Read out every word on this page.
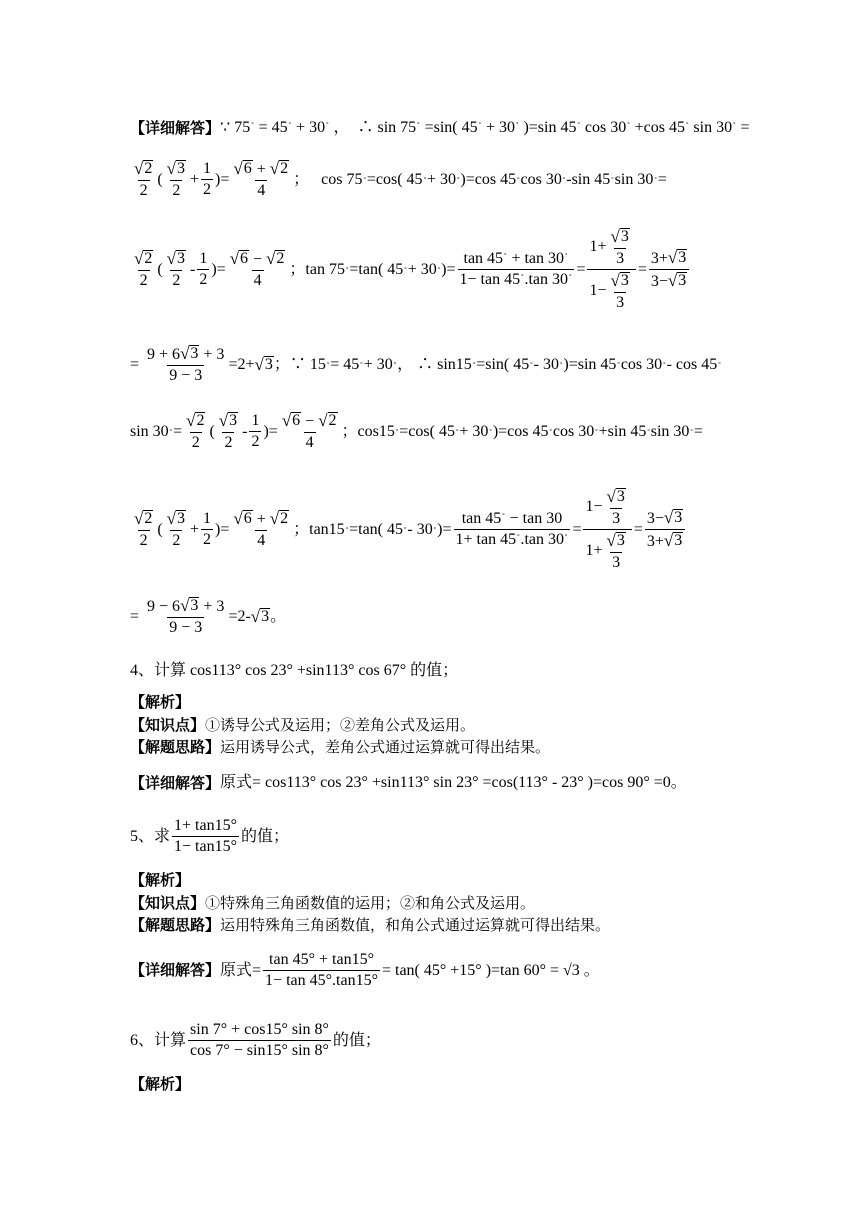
【详细解答】 ∵ 75° = 45° + 30° ，  ∴ sin 75° =sin( 45° + 30° )=sin 45° cos 30° +cos 45° sin 30° =
$\frac{√ 2}{2}$ ( $\frac{√ 3}{2} + \frac{1}{2}$ )= $\frac{√ 6 + √ 2}{4}$ ；   cos 75 ° =cos( 45 ° + 30 ° )=cos 45 ° cos 30 ° -sin 45 ° sin 30 ° =
$\frac{√ 2}{2}$ ( $\frac{√ 3}{2} - \frac{1}{2}$ )= $\frac{√ 6 - √ 2}{4}$ ；tan 75 ° =tan( 45 ° + 30 ° )= $\frac{\tan 45^\circ + \tan 30^\circ}{1- \tan 45^\circ.\tan 30^\circ} = \frac{1+ \frac{√ 3}{3}}{1- \frac{√ 3}{3}} = \frac{3+ √ 3}{3- √ 3}$
= $\frac{9 + 6 √ 3 + 3}{9 - 3} =2+$ √ 3 ；∵ 15 ° = 45 ° + 30 ° ， ∴ sin15 ° =sin( 45 ° - 30 ° )=sin 45 ° cos 30 ° - cos 45 °
sin 30 ° = $\frac{√ 2}{2}$ ( $\frac{√ 3}{2} - \frac{1}{2}$ )= $\frac{√ 6 - √ 2}{4}$ ；cos15 ° =cos( 45 ° + 30 ° )=cos 45 ° cos 30 ° +sin 45 ° sin 30 ° =
$\frac{√ 2}{2}$ ( $\frac{√ 3}{2} + \frac{1}{2}$ )= $\frac{√ 6 + √ 2}{4}$ ；tan15 ° =tan( 45 ° - 30 ° )= $\frac{\tan 45^\circ - \tan 30}{1+ \tan 45^\circ.\tan 30^\circ} = \frac{1- \frac{√ 3}{3}}{1+ \frac{√ 3}{3}} = \frac{3- √ 3}{3+ √ 3}$
= $\frac{9 - 6 √ 3 + 3}{9 - 3} =2-$ √ 3 。
4、计算 cos113° cos 23° +sin113° cos 67° 的值；
【解析】
【知识点】 ①诱导公式及运用；②差角公式及运用。
【解题思路】 运用诱导公式，差角公式通过运算就可得出结果。
【详细解答】 原式= cos113° cos 23° +sin113° sin 23° =cos(113° - 23° )=cos 90° =0。
5、求 $\frac{1+ \tan 15^\circ}{1- \tan 15^\circ}$ 的值；
【解析】
【知识点】 ①特殊角三角函数值的运用；②和角公式及运用。
【解题思路】 运用特殊角三角函数值，和角公式通过运算就可得出结果。
【详细解答】 原式= $\frac{\tan 45^\circ + \tan 15^\circ}{1- \tan 45^\circ.\tan 15^\circ} = \tan$( 45° +15° )=tan 60° = √3 。
6、计算 $\frac{\sin 7^\circ + \cos 15^\circ \sin 8^\circ}{\cos 7^\circ - \sin 15^\circ \sin 8^\circ}$ 的值；
【解析】
